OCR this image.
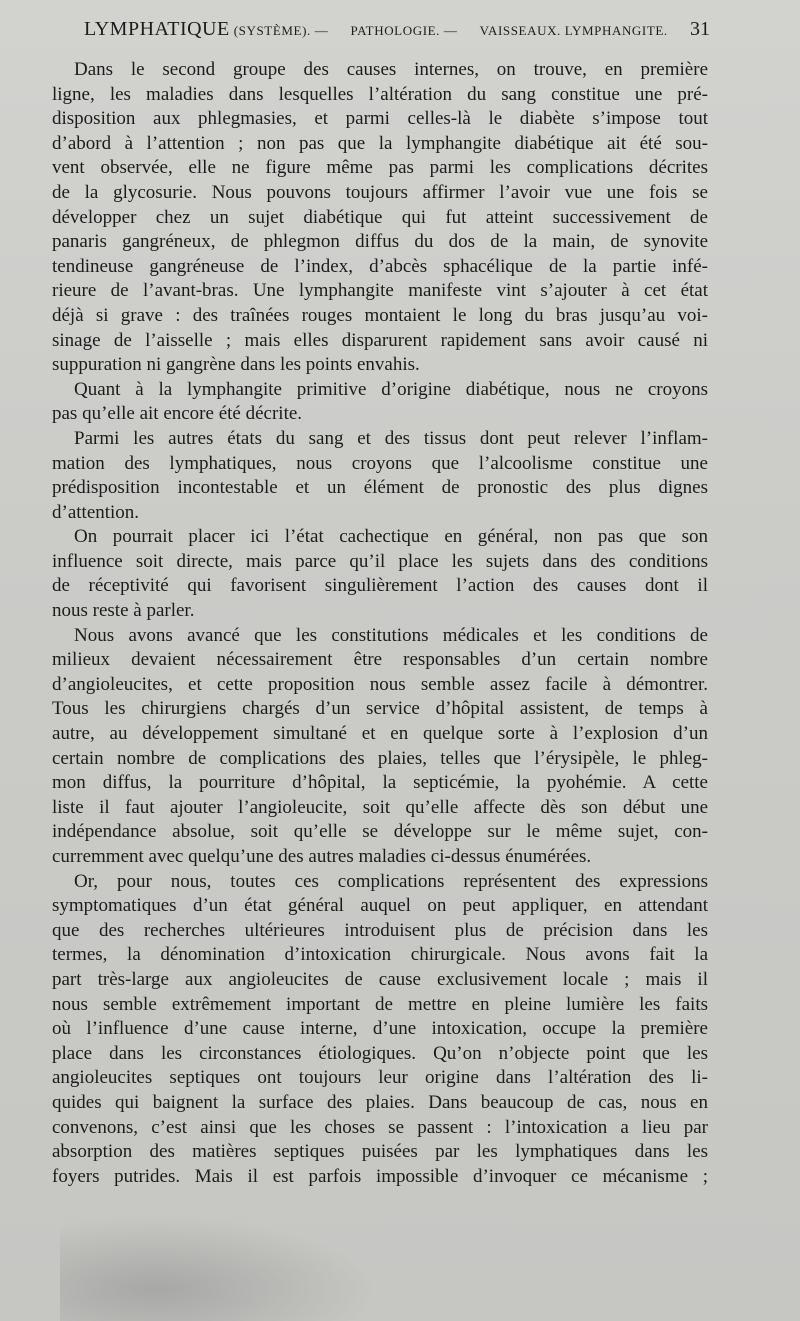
LYMPHATIQUE (SYSTÈME). — PATHOLOGIE. — VAISSEAUX. LYMPHANGITE. 31
Dans le second groupe des causes internes, on trouve, en première
ligne, les maladies dans lesquelles l’altération du sang constitue une pré-
disposition aux phlegmasies, et parmi celles-là le diabète s’impose tout
d’abord à l’attention ; non pas que la lymphangite diabétique ait été sou-
vent observée, elle ne figure même pas parmi les complications décrites
de la glycosurie. Nous pouvons toujours affirmer l’avoir vue une fois se
développer chez un sujet diabétique qui fut atteint successivement de
panaris gangréneux, de phlegmon diffus du dos de la main, de synovite
tendineuse gangréneuse de l’index, d’abcès sphacélique de la partie infé-
rieure de l’avant-bras. Une lymphangite manifeste vint s’ajouter à cet état
déjà si grave : des traînées rouges montaient le long du bras jusqu’au voi-
sinage de l’aisselle ; mais elles disparurent rapidement sans avoir causé ni
suppuration ni gangrène dans les points envahis.
Quant à la lymphangite primitive d’origine diabétique, nous ne croyons
pas qu’elle ait encore été décrite.
Parmi les autres états du sang et des tissus dont peut relever l’inflam-
mation des lymphatiques, nous croyons que l’alcoolisme constitue une
prédisposition incontestable et un élément de pronostic des plus dignes
d’attention.
On pourrait placer ici l’état cachectique en général, non pas que son
influence soit directe, mais parce qu’il place les sujets dans des conditions
de réceptivité qui favorisent singulièrement l’action des causes dont il
nous reste à parler.
Nous avons avancé que les constitutions médicales et les conditions de
milieux devaient nécessairement être responsables d’un certain nombre
d’angioleucites, et cette proposition nous semble assez facile à démontrer.
Tous les chirurgiens chargés d’un service d’hôpital assistent, de temps à
autre, au développement simultané et en quelque sorte à l’explosion d’un
certain nombre de complications des plaies, telles que l’érysipèle, le phleg-
mon diffus, la pourriture d’hôpital, la septicémie, la pyohémie. A cette
liste il faut ajouter l’angioleucite, soit qu’elle affecte dès son début une
indépendance absolue, soit qu’elle se développe sur le même sujet, con-
curremment avec quelqu’une des autres maladies ci-dessus énumérées.
Or, pour nous, toutes ces complications représentent des expressions
symptomatiques d’un état général auquel on peut appliquer, en attendant
que des recherches ultérieures introduisent plus de précision dans les
termes, la dénomination d’intoxication chirurgicale. Nous avons fait la
part très-large aux angioleucites de cause exclusivement locale ; mais il
nous semble extrêmement important de mettre en pleine lumière les faits
où l’influence d’une cause interne, d’une intoxication, occupe la première
place dans les circonstances étiologiques. Qu’on n’objecte point que les
angioleucites septiques ont toujours leur origine dans l’altération des li-
quides qui baignent la surface des plaies. Dans beaucoup de cas, nous en
convenons, c’est ainsi que les choses se passent : l’intoxication a lieu par
absorption des matières septiques puisées par les lymphatiques dans les
foyers putrides. Mais il est parfois impossible d’invoquer ce mécanisme ;
